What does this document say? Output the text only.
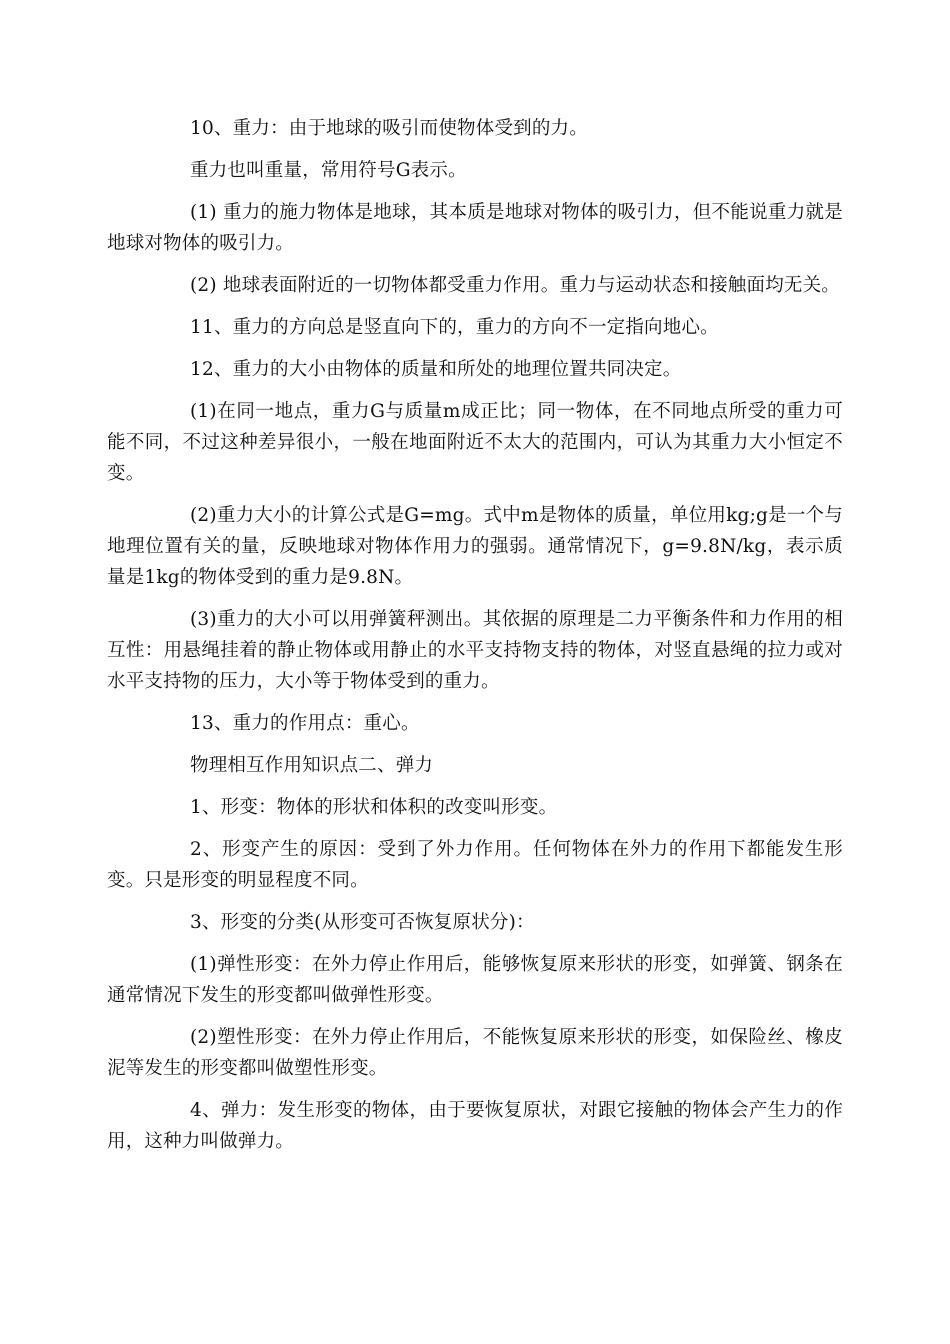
10、重力：由于地球的吸引而使物体受到的力。

重力也叫重量，常用符号G表示。

(1) 重力的施力物体是地球，其本质是地球对物体的吸引力，但不能说重力就是地球对物体的吸引力。

(2) 地球表面附近的一切物体都受重力作用。重力与运动状态和接触面均无关。

11、重力的方向总是竖直向下的，重力的方向不一定指向地心。

12、重力的大小由物体的质量和所处的地理位置共同决定。

(1)在同一地点，重力G与质量m成正比；同一物体，在不同地点所受的重力可能不同，不过这种差异很小，一般在地面附近不太大的范围内，可认为其重力大小恒定不变。

(2)重力大小的计算公式是G=mg。式中m是物体的质量，单位用kg;g是一个与地理位置有关的量，反映地球对物体作用力的强弱。通常情况下，g=9.8N/kg，表示质量是1kg的物体受到的重力是9.8N。

(3)重力的大小可以用弹簧秤测出。其依据的原理是二力平衡条件和力作用的相互性：用悬绳挂着的静止物体或用静止的水平支持物支持的物体，对竖直悬绳的拉力或对水平支持物的压力，大小等于物体受到的重力。

13、重力的作用点：重心。

物理相互作用知识点二、弹力

1、形变：物体的形状和体积的改变叫形变。

2、形变产生的原因：受到了外力作用。任何物体在外力的作用下都能发生形变。只是形变的明显程度不同。

3、形变的分类(从形变可否恢复原状分)：

(1)弹性形变：在外力停止作用后，能够恢复原来形状的形变，如弹簧、钢条在通常情况下发生的形变都叫做弹性形变。

(2)塑性形变：在外力停止作用后，不能恢复原来形状的形变，如保险丝、橡皮泥等发生的形变都叫做塑性形变。

4、弹力：发生形变的物体，由于要恢复原状，对跟它接触的物体会产生力的作用，这种力叫做弹力。
